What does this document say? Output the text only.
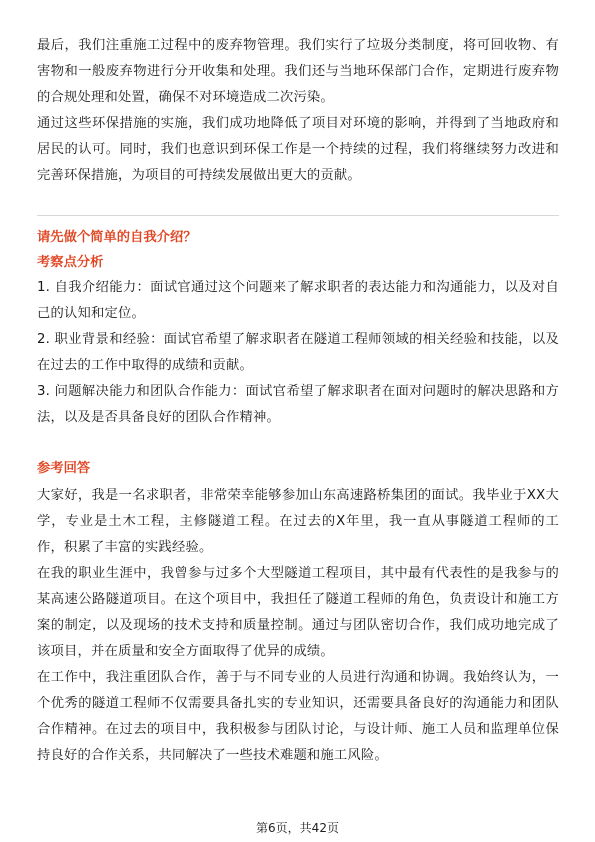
最后，我们注重施工过程中的废弃物管理。我们实行了垃圾分类制度，将可回收物、有害物和一般废弃物进行分开收集和处理。我们还与当地环保部门合作，定期进行废弃物的合规处理和处置，确保不对环境造成二次污染。

通过这些环保措施的实施，我们成功地降低了项目对环境的影响，并得到了当地政府和居民的认可。同时，我们也意识到环保工作是一个持续的过程，我们将继续努力改进和完善环保措施，为项目的可持续发展做出更大的贡献。

请先做个简单的自我介绍？
考察点分析

1. 自我介绍能力：面试官通过这个问题来了解求职者的表达能力和沟通能力，以及对自己的认知和定位。

2. 职业背景和经验：面试官希望了解求职者在隧道工程师领域的相关经验和技能，以及在过去的工作中取得的成绩和贡献。

3. 问题解决能力和团队合作能力：面试官希望了解求职者在面对问题时的解决思路和方法，以及是否具备良好的团队合作精神。

参考回答

大家好，我是一名求职者，非常荣幸能够参加山东高速路桥集团的面试。我毕业于XX大学，专业是土木工程，主修隧道工程。在过去的X年里，我一直从事隧道工程师的工作，积累了丰富的实践经验。

在我的职业生涯中，我曾参与过多个大型隧道工程项目，其中最有代表性的是我参与的某高速公路隧道项目。在这个项目中，我担任了隧道工程师的角色，负责设计和施工方案的制定，以及现场的技术支持和质量控制。通过与团队密切合作，我们成功地完成了该项目，并在质量和安全方面取得了优异的成绩。

在工作中，我注重团队合作，善于与不同专业的人员进行沟通和协调。我始终认为，一个优秀的隧道工程师不仅需要具备扎实的专业知识，还需要具备良好的沟通能力和团队合作精神。在过去的项目中，我积极参与团队讨论，与设计师、施工人员和监理单位保持良好的合作关系，共同解决了一些技术难题和施工风险。

第6页，共42页
